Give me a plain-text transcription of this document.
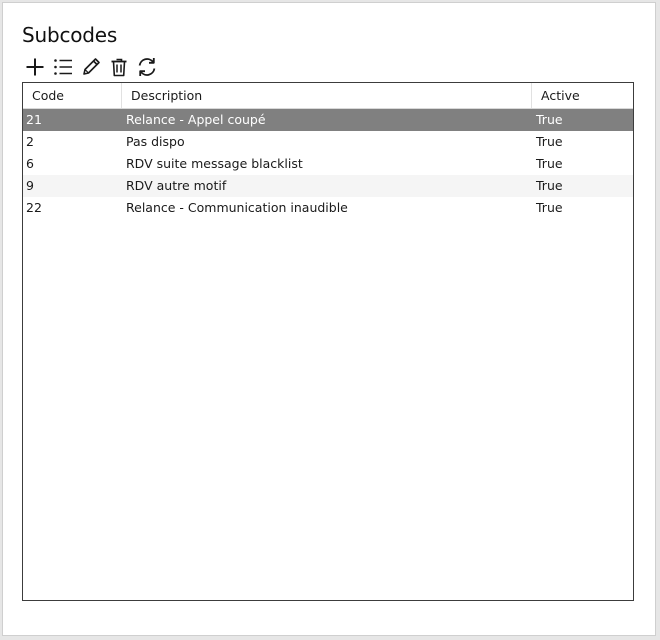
Subcodes
Code	Description	Active
21	Relance - Appel coupé	True
2	Pas dispo	True
6	RDV suite message blacklist	True
9	RDV autre motif	True
22	Relance - Communication inaudible	True
